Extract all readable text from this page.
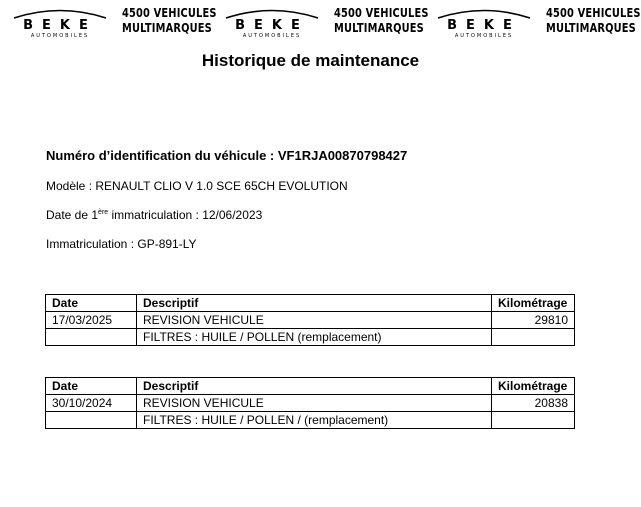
BEKE
AUTOMOBILES
4500 VEHICULES
MULTIMARQUES	BEKE
AUTOMOBILES
4500 VEHICULES
MULTIMARQUES	BEKE
AUTOMOBILES
4500 VEHICULES
MULTIMARQUES
Historique de maintenance
Numéro d’identification du véhicule : VF1RJA00870798427
Modèle : RENAULT CLIO V 1.0 SCE 65CH EVOLUTION
Date de 1ère immatriculation : 12/06/2023
Immatriculation : GP-891-LY
Date	Descriptif	Kilométrage
17/03/2025	REVISION VEHICULE	29810
	FILTRES : HUILE / POLLEN (remplacement)	
Date	Descriptif	Kilométrage
30/10/2024	REVISION VEHICULE	20838
	FILTRES : HUILE / POLLEN / (remplacement)	
